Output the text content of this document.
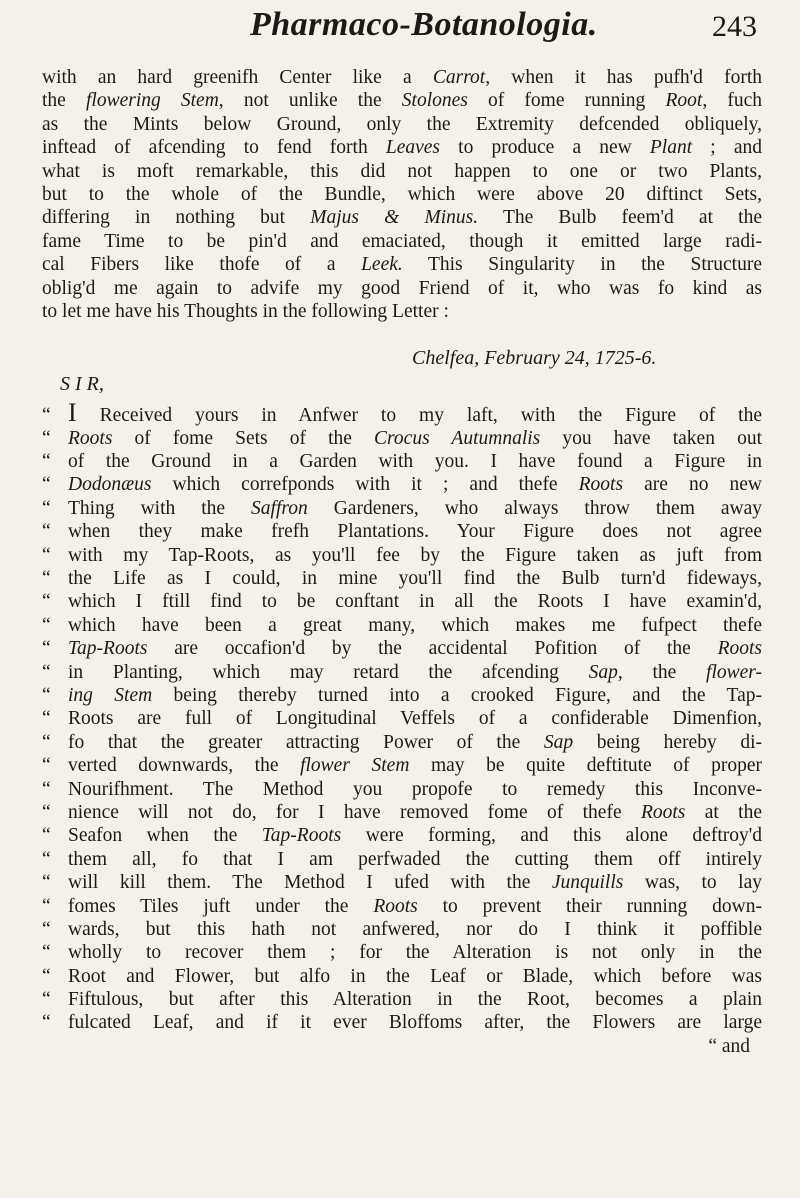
Pharmaco-Botanologia.	243
with an hard greenifh Center like a Carrot, when it has pufh'd forth
the flowering Stem, not unlike the Stolones of fome running Root, fuch
as the Mints below Ground, only the Extremity defcended obliquely,
inftead of afcending to fend forth Leaves to produce a new Plant ; and
what is moft remarkable, this did not happen to one or two Plants,
but to the whole of the Bundle, which were above 20 diftinct Sets,
differing in nothing but Majus & Minus. The Bulb feem'd at the
fame Time to be pin'd and emaciated, though it emitted large radi-
cal Fibers like thofe of a Leek. This Singularity in the Structure
oblig'd me again to advife my good Friend of it, who was fo kind as
to let me have his Thoughts in the following Letter :
Chelfea, February 24, 1725-6.
S I R,
“ I Received yours in Anfwer to my laft, with the Figure of the
“ Roots of fome Sets of the Crocus Autumnalis you have taken out
“ of the Ground in a Garden with you. I have found a Figure in
“ Dodonæus which correfponds with it ; and thefe Roots are no new
“ Thing with the Saffron Gardeners, who always throw them away
“ when they make frefh Plantations. Your Figure does not agree
“ with my Tap-Roots, as you'll fee by the Figure taken as juft from
“ the Life as I could, in mine you'll find the Bulb turn'd fideways,
“ which I ftill find to be conftant in all the Roots I have examin'd,
“ which have been a great many, which makes me fufpect thefe
“ Tap-Roots are occafion'd by the accidental Pofition of the Roots
“ in Planting, which may retard the afcending Sap, the flower-
“ ing Stem being thereby turned into a crooked Figure, and the Tap-
“ Roots are full of Longitudinal Veffels of a confiderable Dimenfion,
“ fo that the greater attracting Power of the Sap being hereby di-
“ verted downwards, the flower Stem may be quite deftitute of proper
“ Nourifhment. The Method you propofe to remedy this Inconve-
“ nience will not do, for I have removed fome of thefe Roots at the
“ Seafon when the Tap-Roots were forming, and this alone deftroy'd
“ them all, fo that I am perfwaded the cutting them off intirely
“ will kill them. The Method I ufed with the Junquills was, to lay
“ fomes Tiles juft under the Roots to prevent their running down-
“ wards, but this hath not anfwered, nor do I think it poffible
“ wholly to recover them ; for the Alteration is not only in the
“ Root and Flower, but alfo in the Leaf or Blade, which before was
“ Fiftulous, but after this Alteration in the Root, becomes a plain
“ fulcated Leaf, and if it ever Bloffoms after, the Flowers are large
“ and
